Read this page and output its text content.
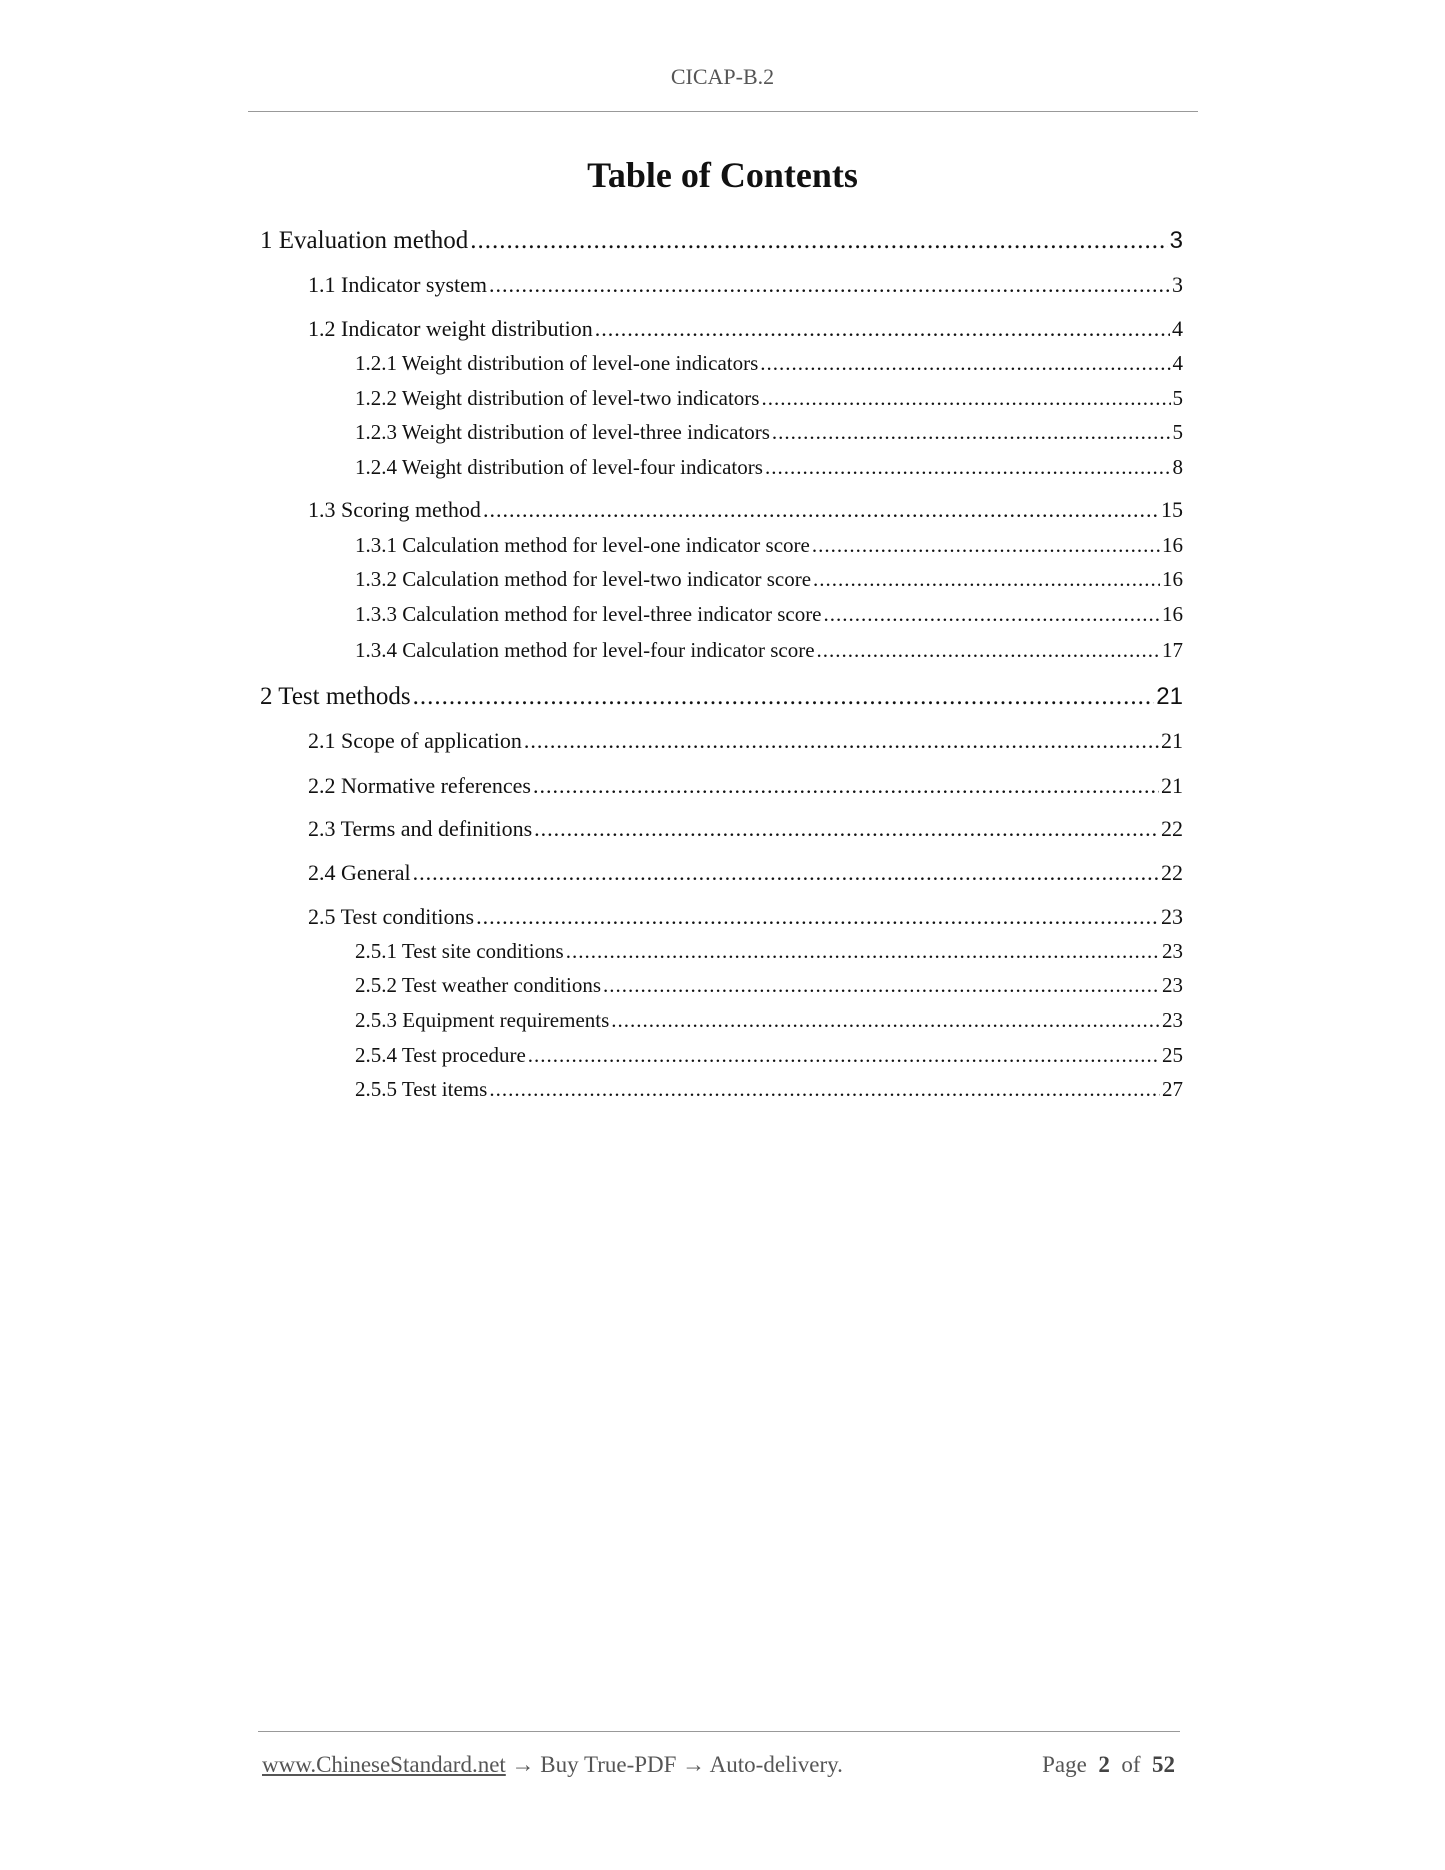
CICAP-B.2
Table of Contents
1 Evaluation method .....	3
1.1 Indicator system .....	3
1.2 Indicator weight distribution .....	4
1.2.1 Weight distribution of level-one indicators .....	4
1.2.2 Weight distribution of level-two indicators .....	5
1.2.3 Weight distribution of level-three indicators .....	5
1.2.4 Weight distribution of level-four indicators .....	8
1.3 Scoring method .....	15
1.3.1 Calculation method for level-one indicator score .....	16
1.3.2 Calculation method for level-two indicator score .....	16
1.3.3 Calculation method for level-three indicator score .....	16
1.3.4 Calculation method for level-four indicator score .....	17
2 Test methods .....	21
2.1 Scope of application .....	21
2.2 Normative references .....	21
2.3 Terms and definitions .....	22
2.4 General .....	22
2.5 Test conditions .....	23
2.5.1 Test site conditions .....	23
2.5.2 Test weather conditions .....	23
2.5.3 Equipment requirements .....	23
2.5.4 Test procedure .....	25
2.5.5 Test items .....	27
www.ChineseStandard.net → Buy True-PDF → Auto-delivery.	Page 2 of 52
